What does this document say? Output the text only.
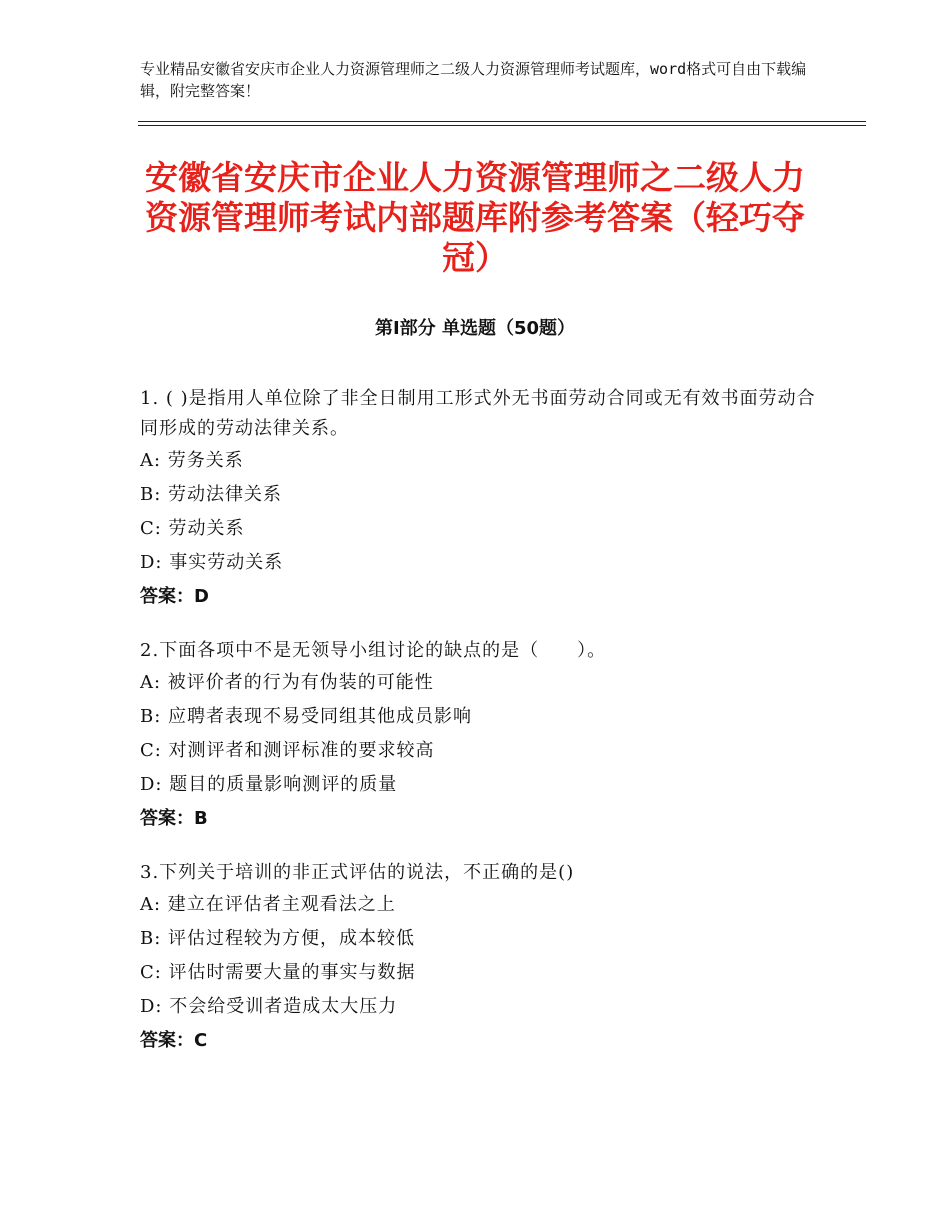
专业精品安徽省安庆市企业人力资源管理师之二级人力资源管理师考试题库，word格式可自由下载编辑，附完整答案！
安徽省安庆市企业人力资源管理师之二级人力资源管理师考试内部题库附参考答案（轻巧夺冠）
第Ⅰ部分 单选题（50题）
1. ( )是指用人单位除了非全日制用工形式外无书面劳动合同或无有效书面劳动合同形成的劳动法律关系。
A: 劳务关系
B: 劳动法律关系
C: 劳动关系
D: 事实劳动关系
答案：D
2.下面各项中不是无领导小组讨论的缺点的是（　　）。
A: 被评价者的行为有伪装的可能性
B: 应聘者表现不易受同组其他成员影响
C: 对测评者和测评标准的要求较高
D: 题目的质量影响测评的质量
答案：B
3.下列关于培训的非正式评估的说法，不正确的是()
A: 建立在评估者主观看法之上
B: 评估过程较为方便，成本较低
C: 评估时需要大量的事实与数据
D: 不会给受训者造成太大压力
答案：C
